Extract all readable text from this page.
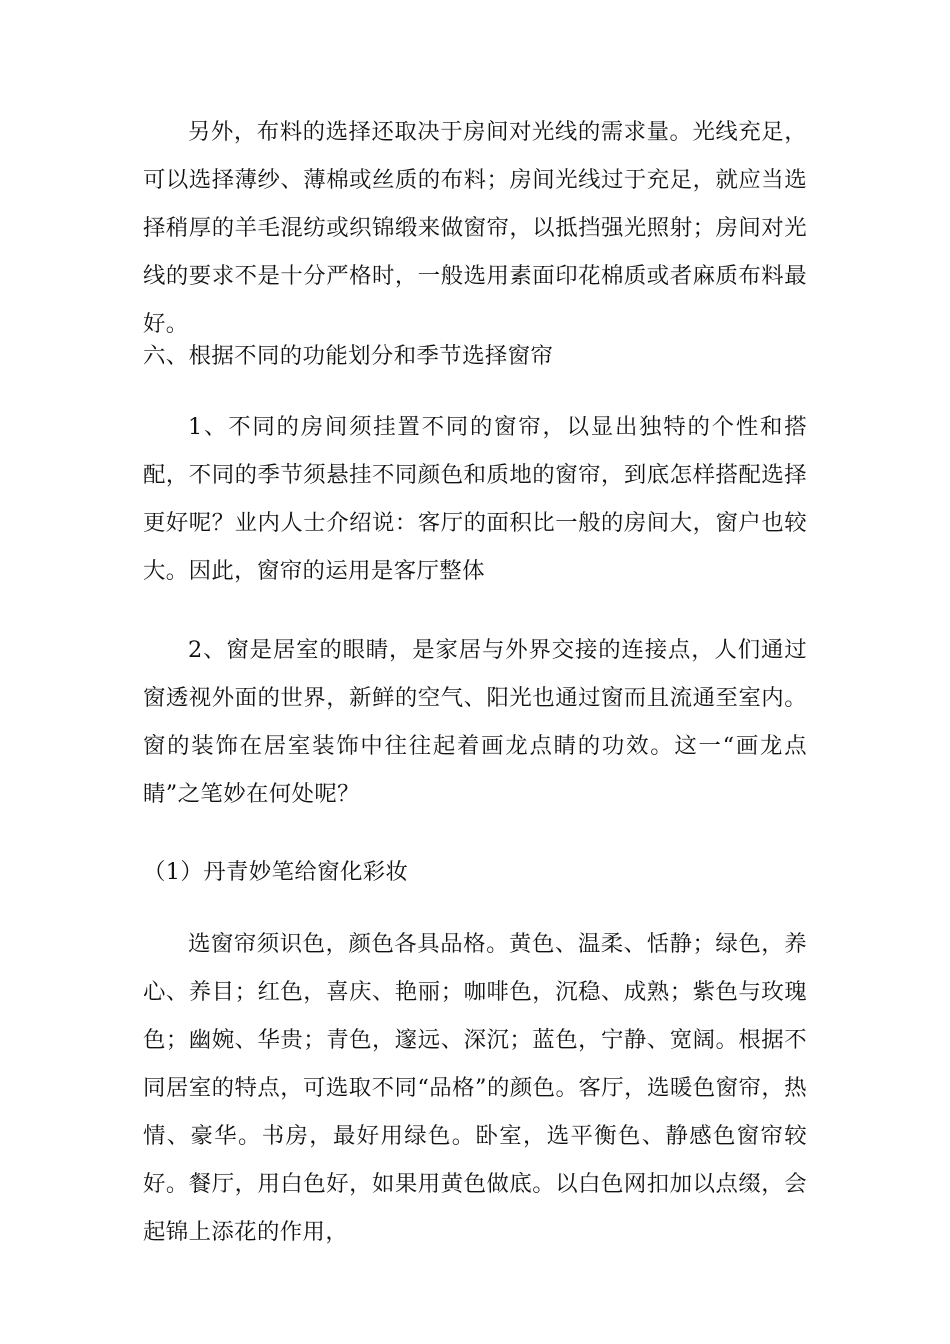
另外，布料的选择还取决于房间对光线的需求量。光线充足，可以选择薄纱、薄棉或丝质的布料；房间光线过于充足，就应当选择稍厚的羊毛混纺或织锦缎来做窗帘，以抵挡强光照射；房间对光线的要求不是十分严格时，一般选用素面印花棉质或者麻质布料最好。

六、根据不同的功能划分和季节选择窗帘

1、不同的房间须挂置不同的窗帘，以显出独特的个性和搭配，不同的季节须悬挂不同颜色和质地的窗帘，到底怎样搭配选择更好呢？业内人士介绍说：客厅的面积比一般的房间大，窗户也较大。因此，窗帘的运用是客厅整体

2、窗是居室的眼睛，是家居与外界交接的连接点，人们通过窗透视外面的世界，新鲜的空气、阳光也通过窗而且流通至室内。窗的装饰在居室装饰中往往起着画龙点睛的功效。这一“画龙点睛”之笔妙在何处呢？

（1）丹青妙笔给窗化彩妆

选窗帘须识色，颜色各具品格。黄色、温柔、恬静；绿色，养心、养目；红色，喜庆、艳丽；咖啡色，沉稳、成熟；紫色与玫瑰色；幽婉、华贵；青色，邃远、深沉；蓝色，宁静、宽阔。根据不同居室的特点，可选取不同“品格”的颜色。客厅，选暖色窗帘，热情、豪华。书房，最好用绿色。卧室，选平衡色、静感色窗帘较好。餐厅，用白色好，如果用黄色做底。以白色网扣加以点缀，会起锦上添花的作用，
